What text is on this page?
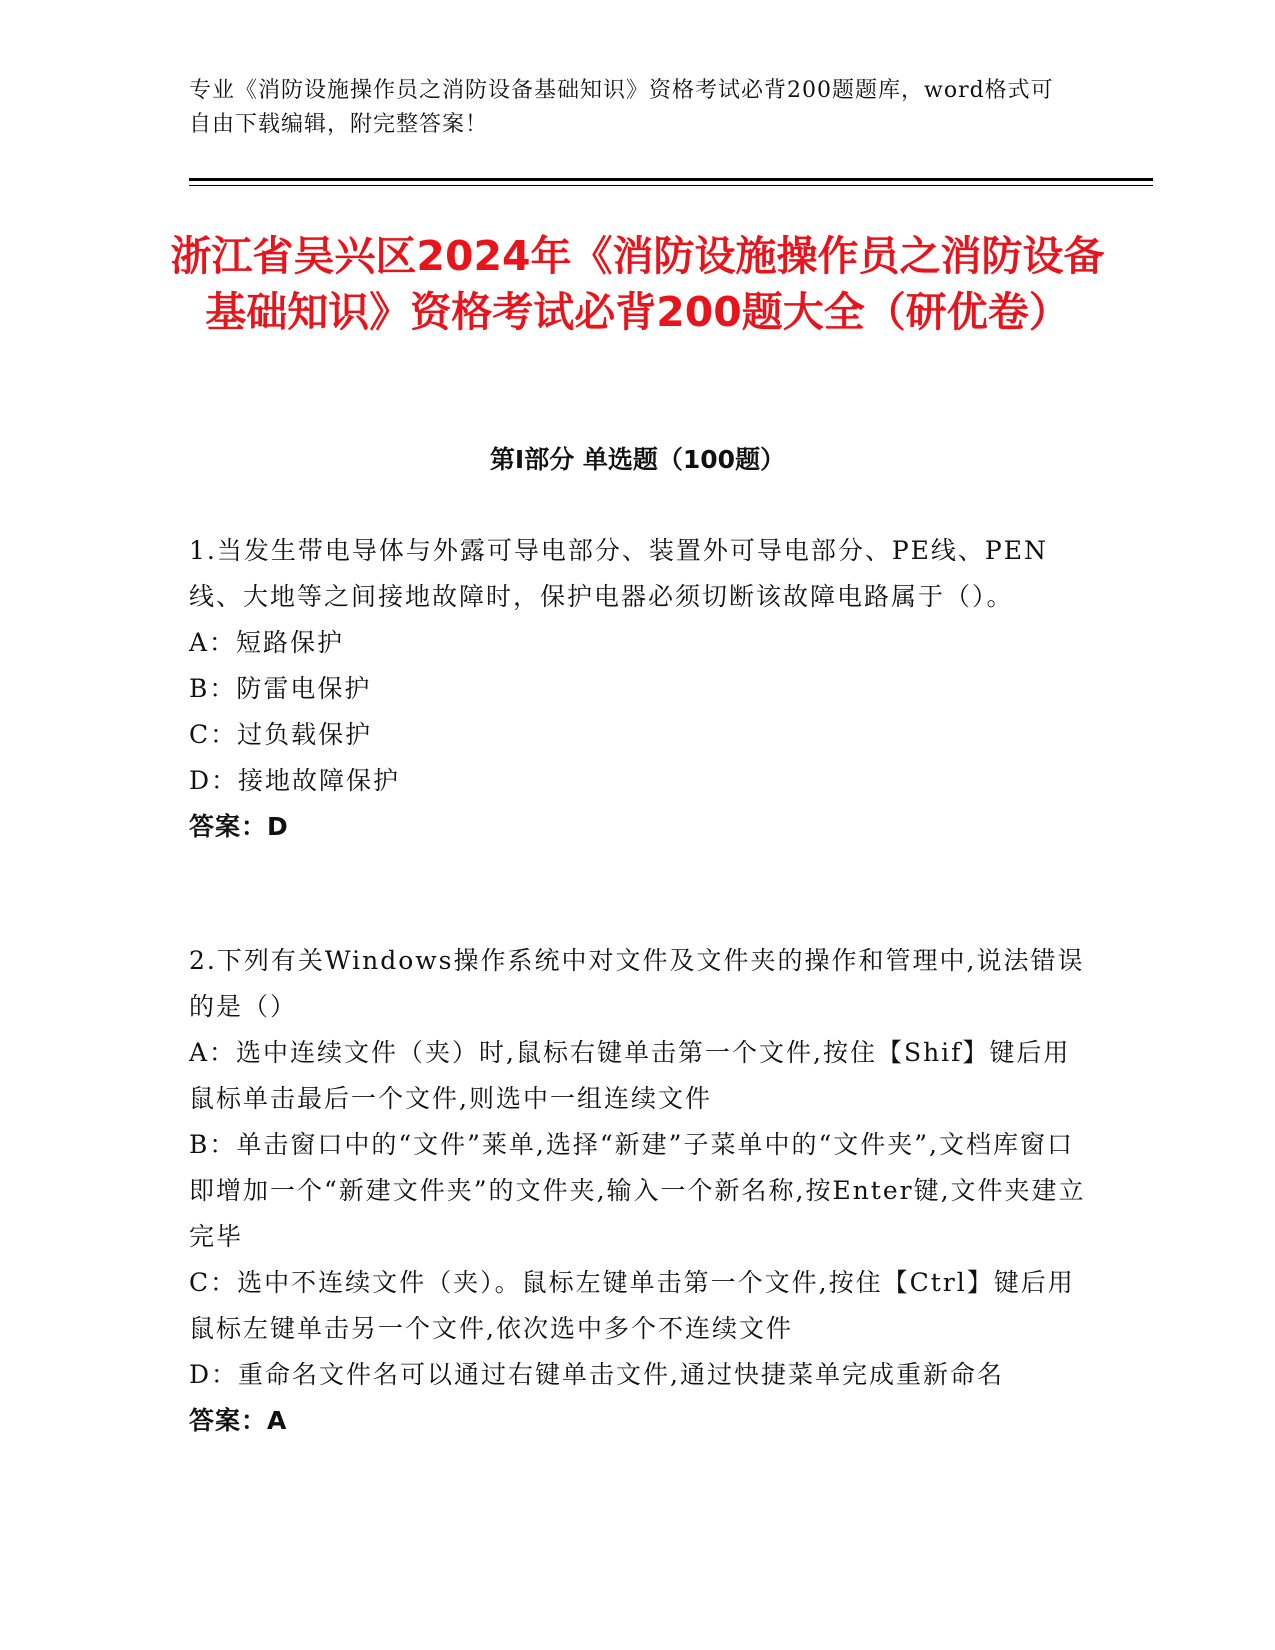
专业《消防设施操作员之消防设备基础知识》资格考试必背200题题库，word格式可自由下载编辑，附完整答案！
浙江省吴兴区2024年《消防设施操作员之消防设备基础知识》资格考试必背200题大全（研优卷）
第Ⅰ部分 单选题（100题）
1.当发生带电导体与外露可导电部分、装置外可导电部分、PE线、PEN线、大地等之间接地故障时，保护电器必须切断该故障电路属于（）。
A：短路保护
B：防雷电保护
C：过负载保护
D：接地故障保护
答案：D
2.下列有关Windows操作系统中对文件及文件夹的操作和管理中,说法错误的是（）
A：选中连续文件（夹）时,鼠标右键单击第一个文件,按住【Shif】键后用鼠标单击最后一个文件,则选中一组连续文件
B：单击窗口中的“文件”莱单,选择“新建”子菜单中的“文件夹”,文档库窗口即增加一个“新建文件夹”的文件夹,输入一个新名称,按Enter键,文件夹建立完毕
C：选中不连续文件（夹）。鼠标左键单击第一个文件,按住【Ctrl】键后用鼠标左键单击另一个文件,依次选中多个不连续文件
D：重命名文件名可以通过右键单击文件,通过快捷菜单完成重新命名
答案：A
